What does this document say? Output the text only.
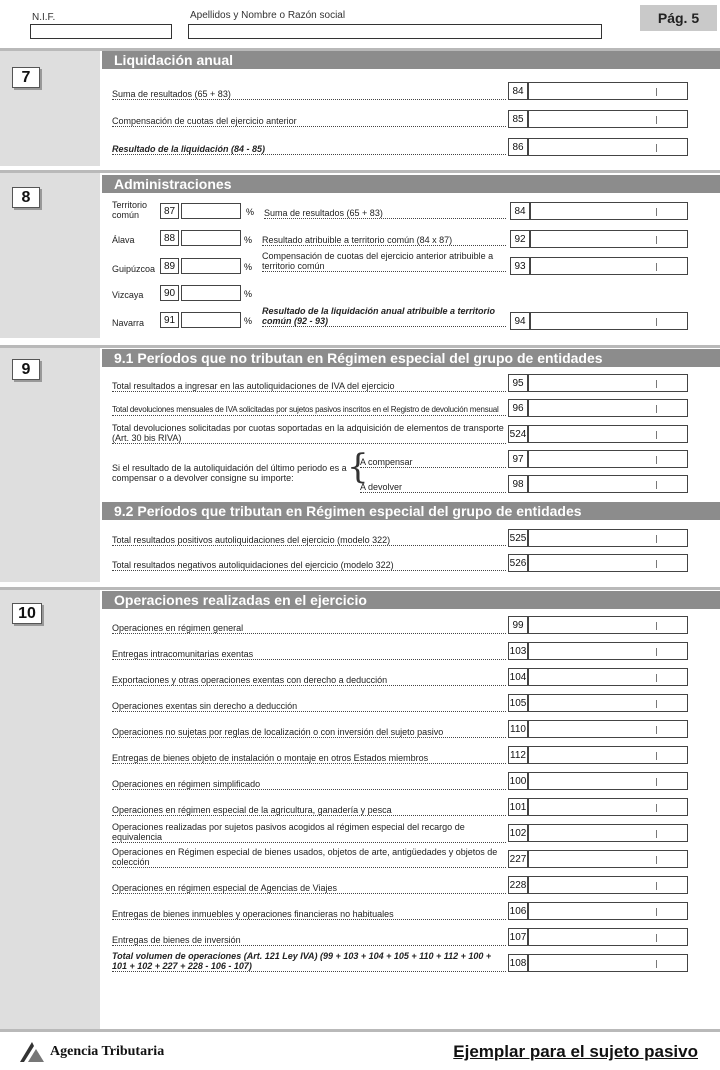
N.I.F.	Apellidos y Nombre o Razón social	Pág. 5
7
Liquidación anual
Suma de resultados (65 + 83)	84
Compensación de cuotas del ejercicio anterior	85
Resultado de la liquidación (84 - 85)	86
8
Administraciones
Territorio común	87	%
Álava	88	%
Guipúzcoa 89	%
Vizcaya	90	%
Navarra	91	%
Suma de resultados (65 + 83)	84
Resultado atribuible a territorio común (84 x 87)	92
Compensación de cuotas del ejercicio anterior atribuible a territorio común	93
Resultado de la liquidación anual atribuible a territorio común (92 - 93)	94
9
9.1 Períodos que no tributan en Régimen especial del grupo de entidades
Total resultados a ingresar en las autoliquidaciones de IVA del ejercicio	95
Total devoluciones mensuales de IVA solicitadas por sujetos pasivos inscritos en el Registro de devolución mensual	96
Total devoluciones solicitadas por cuotas soportadas en la adquisición de elementos de transporte (Art. 30 bis RIVA)	524
Si el resultado de la autoliquidación del último periodo es a compensar o a devolver consigne su importe:	{
A compensar	97
A devolver	98
9.2 Períodos que tributan en Régimen especial del grupo de entidades
Total resultados positivos autoliquidaciones del ejercicio (modelo 322)	525
Total resultados negativos autoliquidaciones del ejercicio (modelo 322)	526
10
Operaciones realizadas en el ejercicio
Operaciones en régimen general	99
Entregas intracomunitarias exentas	103
Exportaciones y otras operaciones exentas con derecho a deducción	104
Operaciones exentas sin derecho a deducción	105
Operaciones no sujetas por reglas de localización o con inversión del sujeto pasivo	110
Entregas de bienes objeto de instalación o montaje en otros Estados miembros	112
Operaciones en régimen simplificado	100
Operaciones en régimen especial de la agricultura, ganadería y pesca	101
Operaciones realizadas por sujetos pasivos acogidos al régimen especial del recargo de equivalencia	102
Operaciones en Régimen especial de bienes usados, objetos de arte, antigüedades y objetos de colección	227
Operaciones en régimen especial de Agencias de Viajes	228
Entregas de bienes inmuebles y operaciones financieras no habituales	106
Entregas de bienes de inversión	107
Total volumen de operaciones (Art. 121 Ley IVA) (99 + 103 + 104 + 105 + 110 + 112 + 100 + 101 + 102 + 227 + 228 - 106 - 107)	108
Agencia Tributaria	Ejemplar para el sujeto pasivo
